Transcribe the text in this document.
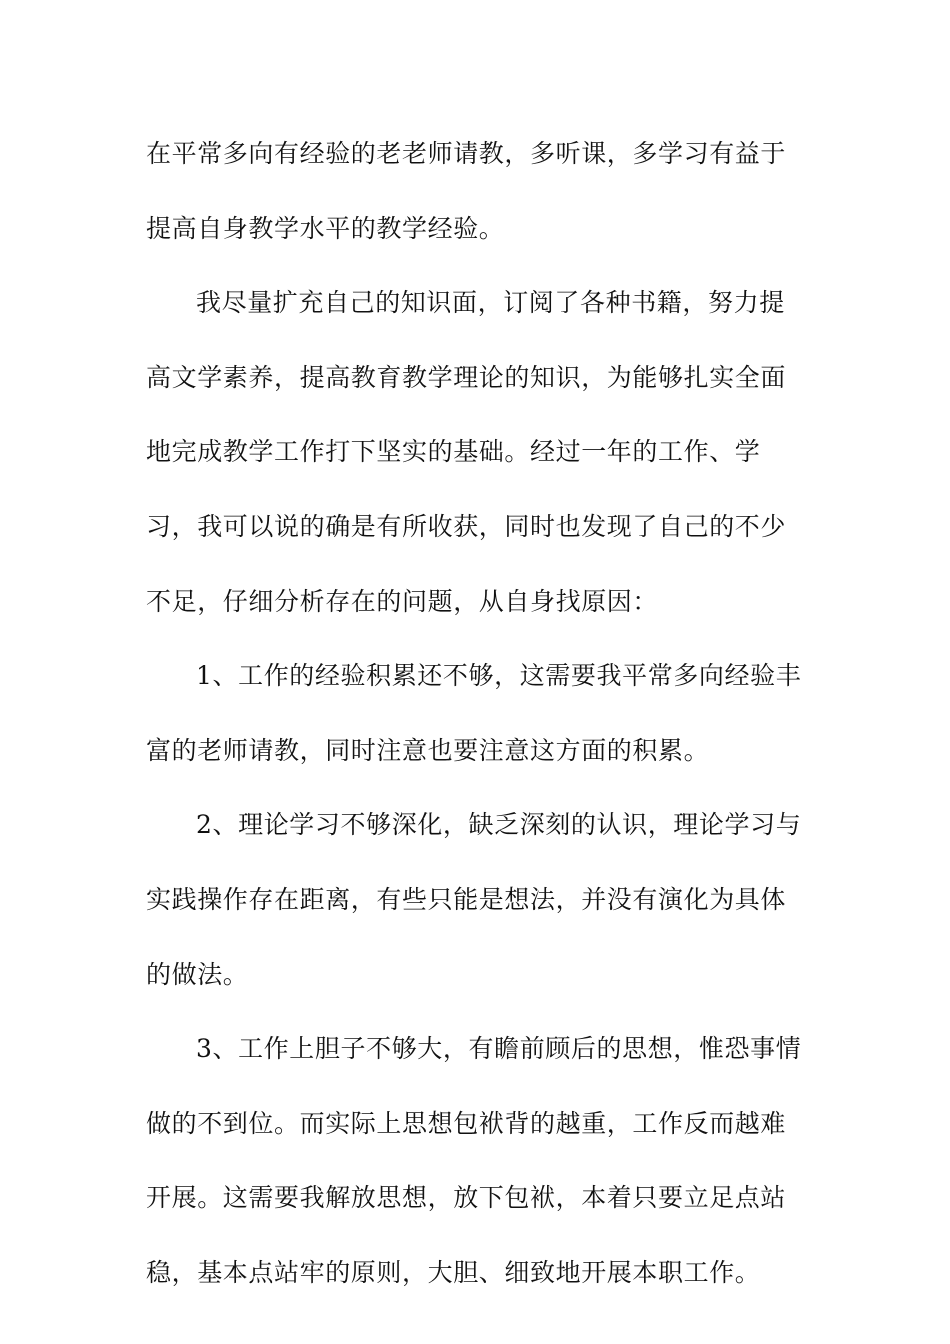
在平常多向有经验的老老师请教，多听课，多学习有益于提高自身教学水平的教学经验。

我尽量扩充自己的知识面，订阅了各种书籍，努力提高文学素养，提高教育教学理论的知识，为能够扎实全面地完成教学工作打下坚实的基础。经过一年的工作、学习，我可以说的确是有所收获，同时也发现了自己的不少不足，仔细分析存在的问题，从自身找原因：

1、工作的经验积累还不够，这需要我平常多向经验丰富的老师请教，同时注意也要注意这方面的积累。

2、理论学习不够深化，缺乏深刻的认识，理论学习与实践操作存在距离，有些只能是想法，并没有演化为具体的做法。

3、工作上胆子不够大，有瞻前顾后的思想，惟恐事情做的不到位。而实际上思想包袱背的越重，工作反而越难开展。这需要我解放思想，放下包袱，本着只要立足点站稳，基本点站牢的原则，大胆、细致地开展本职工作。
